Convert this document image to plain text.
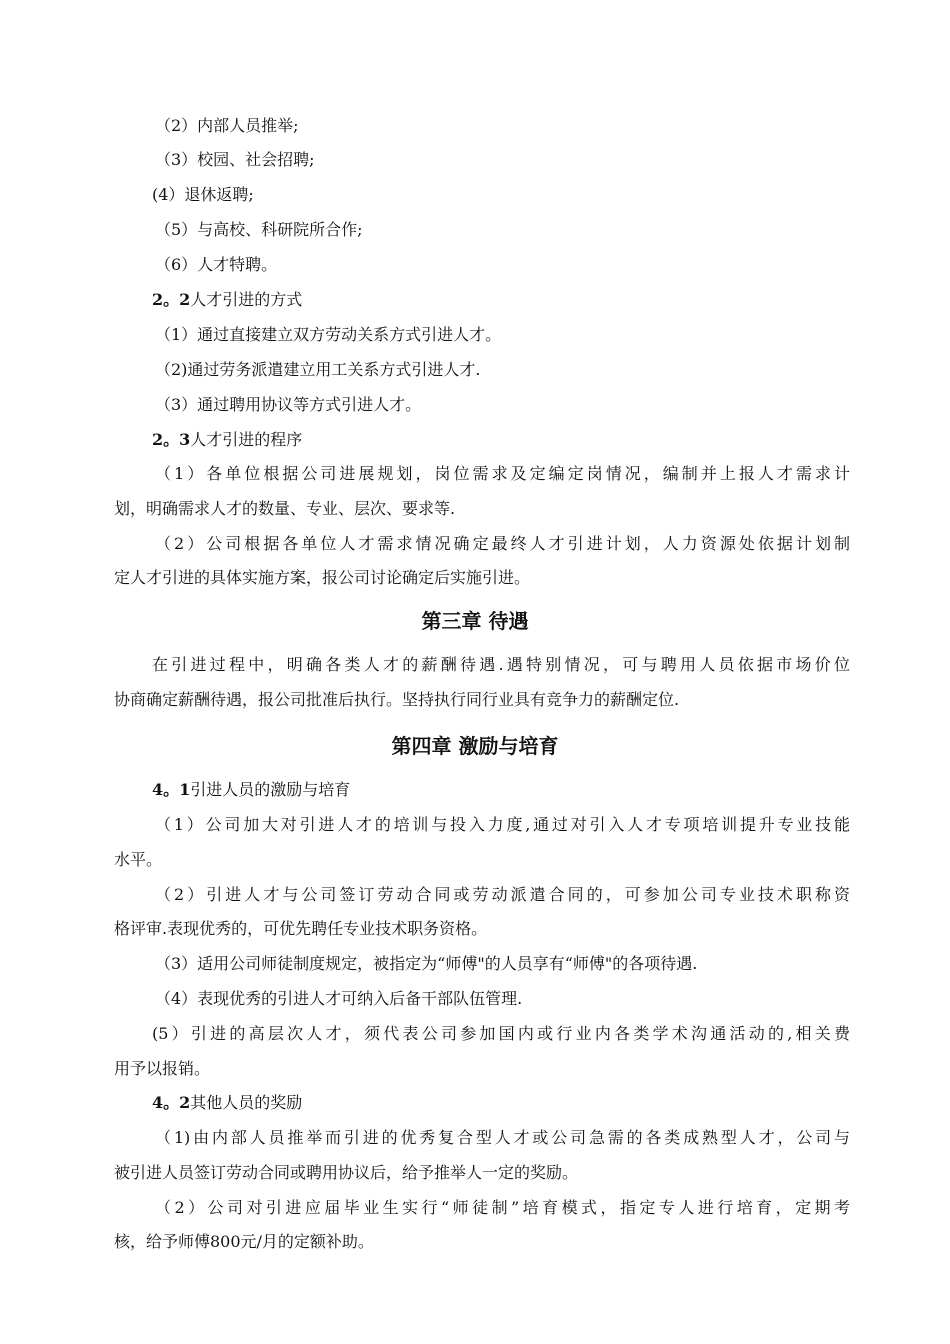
（2）内部人员推举;
（3）校园、社会招聘;
(4）退休返聘;
（5）与高校、科研院所合作;
（6）人才特聘。
2。2人才引进的方式
（1）通过直接建立双方劳动关系方式引进人才。
（2)通过劳务派遣建立用工关系方式引进人才.
（3）通过聘用协议等方式引进人才。
2。3人才引进的程序
（1）各单位根据公司进展规划，岗位需求及定编定岗情况，编制并上报人才需求计
划，明确需求人才的数量、专业、层次、要求等.
（2）公司根据各单位人才需求情况确定最终人才引进计划，人力资源处依据计划制
定人才引进的具体实施方案，报公司讨论确定后实施引进。
第三章 待遇
在引进过程中，明确各类人才的薪酬待遇.遇特别情况，可与聘用人员依据市场价位
协商确定薪酬待遇，报公司批准后执行。坚持执行同行业具有竞争力的薪酬定位.
第四章 激励与培育
4。1引进人员的激励与培育
（1）公司加大对引进人才的培训与投入力度,通过对引入人才专项培训提升专业技能
水平。
（2）引进人才与公司签订劳动合同或劳动派遣合同的，可参加公司专业技术职称资
格评审.表现优秀的，可优先聘任专业技术职务资格。
（3）适用公司师徒制度规定，被指定为“师傅"的人员享有“师傅"的各项待遇.
（4）表现优秀的引进人才可纳入后备干部队伍管理.
(5）引进的高层次人才，须代表公司参加国内或行业内各类学术沟通活动的,相关费
用予以报销。
4。2其他人员的奖励
（1)由内部人员推举而引进的优秀复合型人才或公司急需的各类成熟型人才，公司与
被引进人员签订劳动合同或聘用协议后，给予推举人一定的奖励。
（2）公司对引进应届毕业生实行“师徒制”培育模式，指定专人进行培育，定期考
核，给予师傅800元/月的定额补助。
